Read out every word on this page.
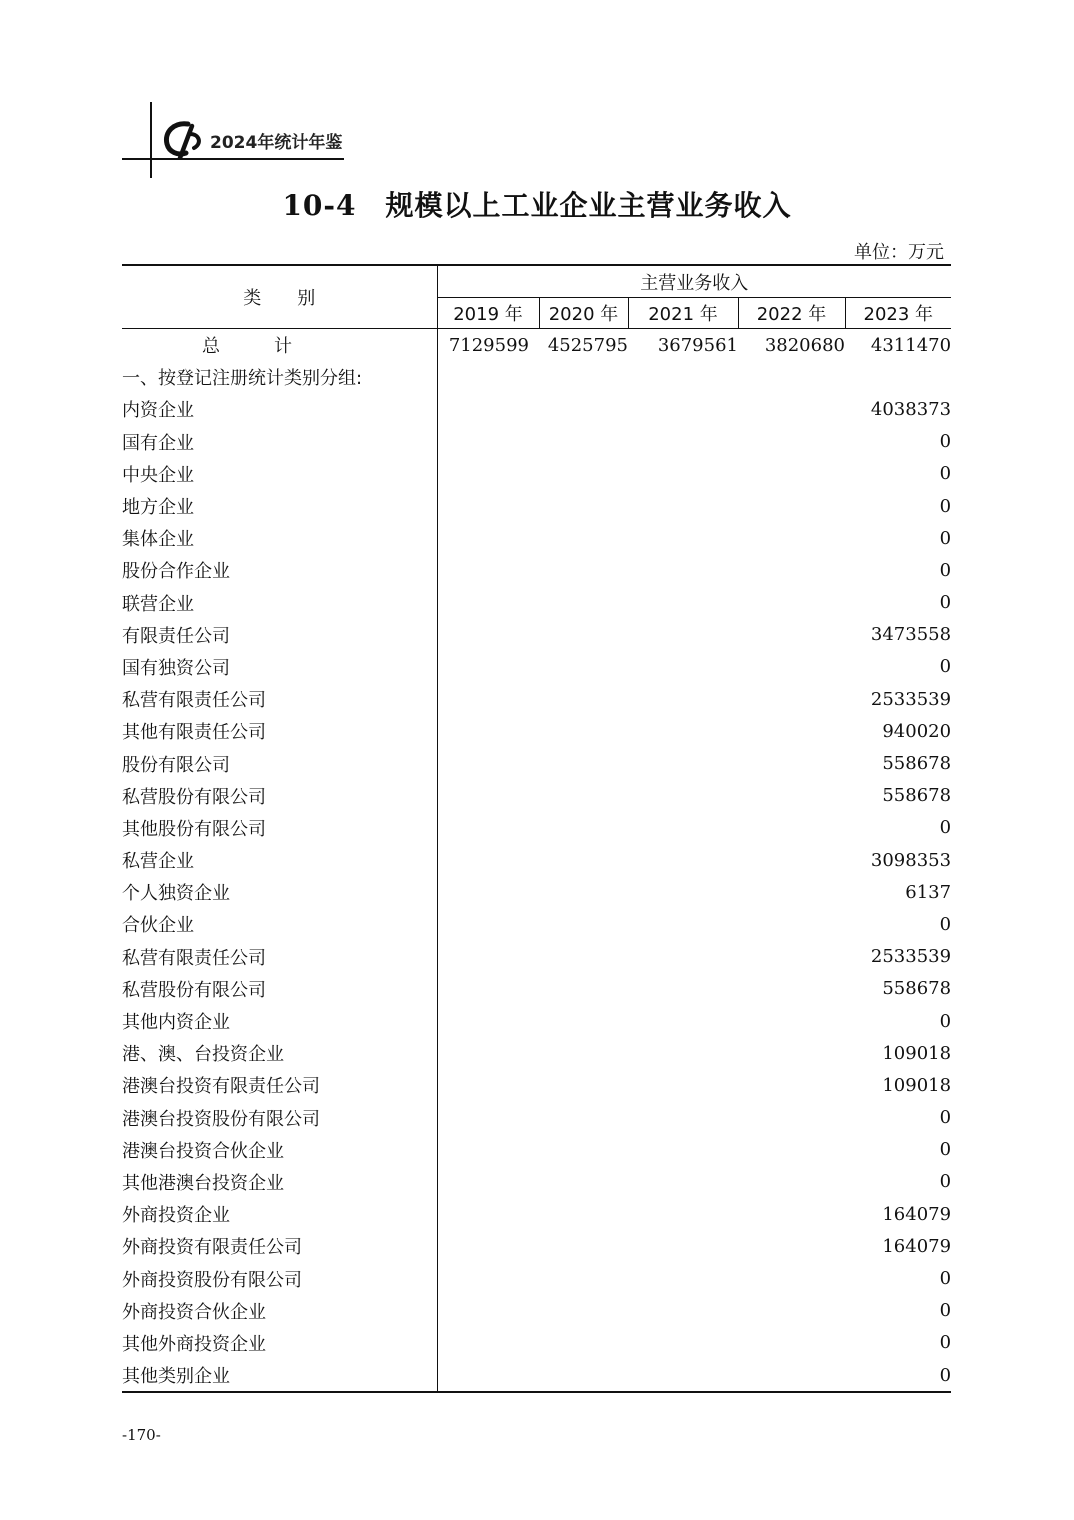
2024年统计年鉴
10-4　规模以上工业企业主营业务收入
单位：万元
类　　别	主营业务收入				
	2019 年	2020 年	2021 年	2022 年	2023 年
总　　　计	7129599	4525795	3679561	3820680	4311470
一、按登记注册统计类别分组:					
内资企业					4038373
国有企业					0
中央企业					0
地方企业					0
集体企业					0
股份合作企业					0
联营企业					0
有限责任公司					3473558
国有独资公司					0
私营有限责任公司					2533539
其他有限责任公司					940020
股份有限公司					558678
私营股份有限公司					558678
其他股份有限公司					0
私营企业					3098353
个人独资企业					6137
合伙企业					0
私营有限责任公司					2533539
私营股份有限公司					558678
其他内资企业					0
港、澳、台投资企业					109018
港澳台投资有限责任公司					109018
港澳台投资股份有限公司					0
港澳台投资合伙企业					0
其他港澳台投资企业					0
外商投资企业					164079
外商投资有限责任公司					164079
外商投资股份有限公司					0
外商投资合伙企业					0
其他外商投资企业					0
其他类别企业					0
-170-
